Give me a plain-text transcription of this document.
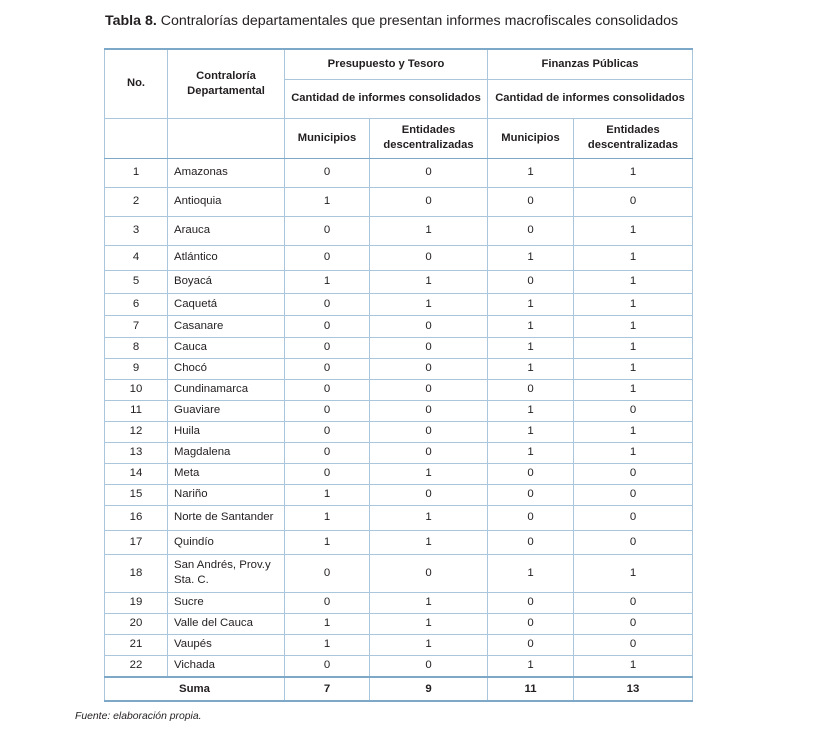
Tabla 8. Contralorías departamentales que presentan informes macrofiscales consolidados
No.	Contraloría Departamental	Presupuesto y Tesoro		Finanzas Públicas	
		Cantidad de informes consolidados		Cantidad de informes consolidados	
		Municipios	Entidades descentralizadas	Municipios	Entidades descentralizadas
1	Amazonas	0	0	1	1
2	Antioquia	1	0	0	0
3	Arauca	0	1	0	1
4	Atlántico	0	0	1	1
5	Boyacá	1	1	0	1
6	Caquetá	0	1	1	1
7	Casanare	0	0	1	1
8	Cauca	0	0	1	1
9	Chocó	0	0	1	1
10	Cundinamarca	0	0	0	1
11	Guaviare	0	0	1	0
12	Huila	0	0	1	1
13	Magdalena	0	0	1	1
14	Meta	0	1	0	0
15	Nariño	1	0	0	0
16	Norte de Santander	1	1	0	0
17	Quindío	1	1	0	0
18	San Andrés, Prov.y Sta. C.	0	0	1	1
19	Sucre	0	1	0	0
20	Valle del Cauca	1	1	0	0
21	Vaupés	1	1	0	0
22	Vichada	0	0	1	1
Suma		7	9	11	13
Fuente: elaboración propia.
